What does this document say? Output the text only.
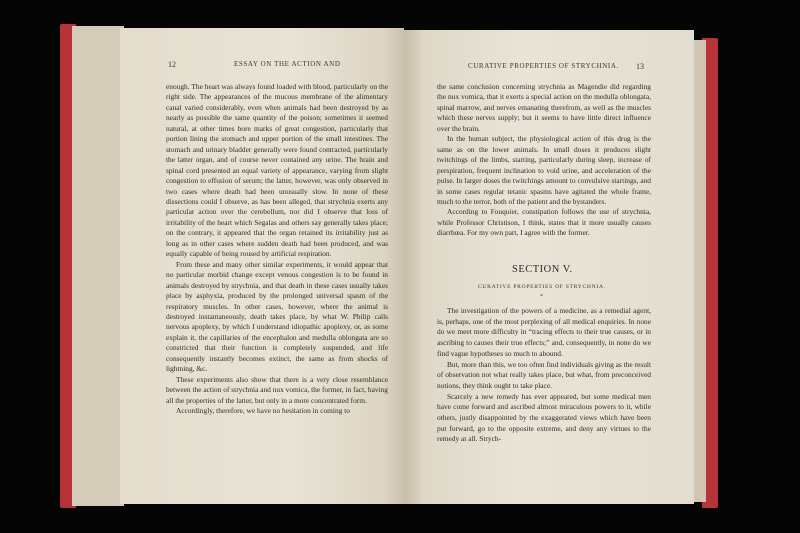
12	ESSAY ON THE ACTION AND

enough. The heart was always found loaded with blood, particularly on the right side. The appearances of the mucous membrane of the alimentary canal varied considerably, even when animals had been destroyed by as nearly as possible the same quantity of the poison; sometimes it seemed natural, at other times bore marks of great congestion, particularly that portion lining the stomach and upper portion of the small intestines. The stomach and urinary bladder generally were found contracted, particularly the latter organ, and of course never contained any urine. The brain and spinal cord presented an equal variety of appearance, varying from slight congestion to effusion of serum; the latter, however, was only observed in two cases where death had been unusually slow. In none of these dissections could I observe, as has been alleged, that strychnia exerts any particular action over the cerebellum, nor did I observe that loss of irritability of the heart which Segalas and others say generally takes place; on the contrary, it appeared that the organ retained its irritability just as long as in other cases where sudden death had been produced, and was equally capable of being roused by artificial respiration.

From these and many other similar experiments, it would appear that no particular morbid change except venous congestion is to be found in animals destroyed by strychnia, and that death in these cases usually takes place by asphyxia, produced by the prolonged universal spasm of the respiratory muscles. In other cases, however, where the animal is destroyed instantaneously, death takes place, by what W. Philip calls nervous apoplexy, by which I understand idiopathic apoplexy, or, as some explain it, the capillaries of the encephalon and medulla oblongata are so constricted that their function is completely suspended, and life consequently instantly becomes extinct, the same as from shocks of lightning, &c.

These experiments also show that there is a very close resemblance between the action of strychnia and nux vomica, the former, in fact, having all the properties of the latter, but only in a more concentrated form.

Accordingly, therefore, we have no hesitation in coming to

CURATIVE PROPERTIES OF STRYCHNIA. 13

the same conclusion concerning strychnia as Magendie did regarding the nux vomica, that it exerts a special action on the medulla oblongata, spinal marrow, and nerves emanating therefrom, as well as the muscles which these nerves supply; but it seems to have little direct influence over the brain.

In the human subject, the physiological action of this drug is the same as on the lower animals. In small doses it produces slight twitchings of the limbs, starting, particularly during sleep, increase of perspiration, frequent inclination to void urine, and acceleration of the pulse. In larger doses the twitchings amount to convulsive startings, and in some cases regular tetanic spasms have agitated the whole frame, much to the terror, both of the patient and the bystanders.

According to Fouquier, constipation follows the use of strychnia, while Professor Christison, I think, states that it more usually causes diarrhœa. For my own part, I agree with the former.

SECTION V.
CURATIVE PROPERTIES OF STRYCHNIA.
*

The investigation of the powers of a medicine, as a remedial agent, is, perhaps, one of the most perplexing of all medical enquiries. In none do we meet more difficulty in “tracing effects to their true causes, or in ascribing to causes their true effects;” and, consequently, in none do we find vague hypotheses so much to abound.

But, more than this, we too often find individuals giving as the result of observation not what really takes place, but what, from preconceived notions, they think ought to take place.

Scarcely a new remedy has ever appeared, but some medical men have come forward and ascribed almost miraculous powers to it, while others, justly disappointed by the exaggerated views which have been put forward, go to the opposite extreme, and deny any virtues to the remedy at all. Strych-
